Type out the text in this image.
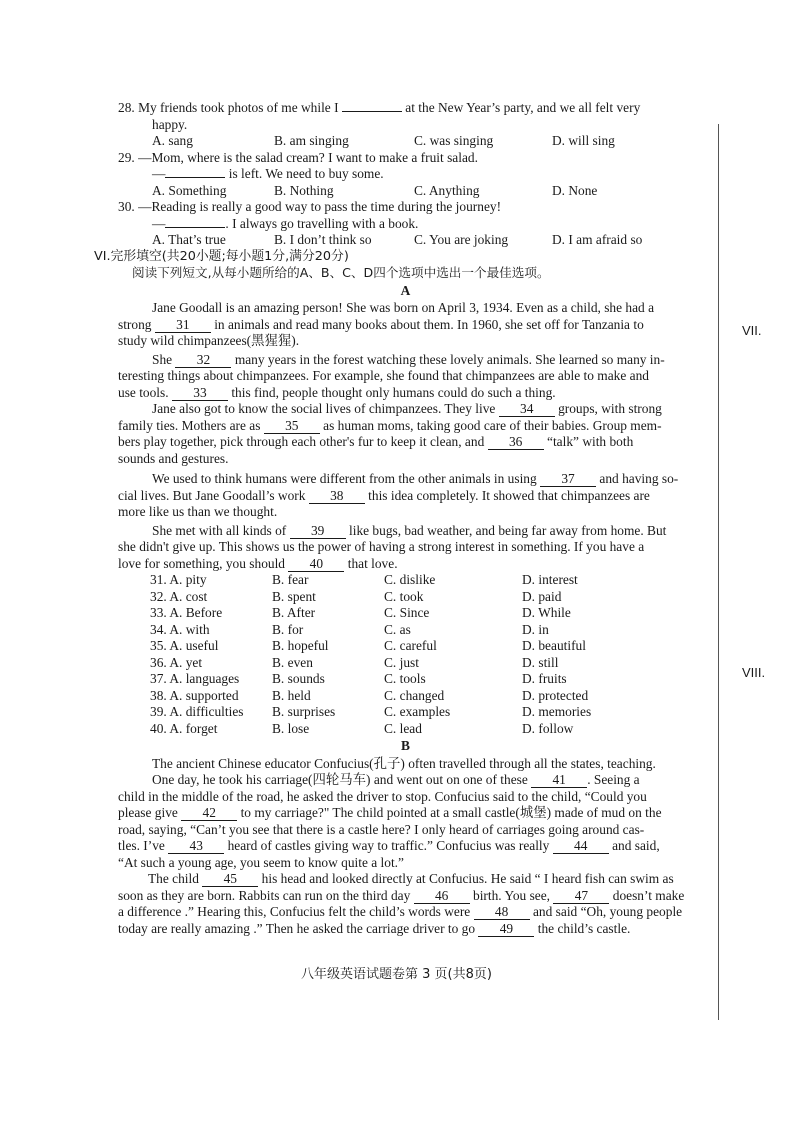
VII.
VIII.
28. My friends took photos of me while I	at the New Year’s party, and we all felt very
happy.
A. sang	B. am singing	C. was singing	D. will sing
29. —Mom, where is the salad cream? I want to make a fruit salad.
—	is left. We need to buy some.
A. Something	B. Nothing	C. Anything	D. None
30. —Reading is really a good way to pass the time during the journey!
—	. I always go travelling with a book.
A. That’s true	B. I don’t think so	C. You are joking	D. I am afraid so
VI.完形填空(共20小题;每小题1分,满分20分)
阅读下列短文,从每小题所给的A、B、C、D四个选项中选出一个最佳选项。
A
Jane Goodall is an amazing person! She was born on April 3, 1934. Even as a child, she had a
strong 31 in animals and read many books about them. In 1960, she set off for Tanzania to
study wild chimpanzees(黑猩猩).
She 32 many years in the forest watching these lovely animals. She learned so many in-
teresting things about chimpanzees. For example, she found that chimpanzees are able to make and
use tools. 33 this find, people thought only humans could do such a thing.
Jane also got to know the social lives of chimpanzees. They live 34 groups, with strong
family ties. Mothers are as 35 as human moms, taking good care of their babies. Group mem-
bers play together, pick through each other's fur to keep it clean, and 36 “talk” with both
sounds and gestures.
We used to think humans were different from the other animals in using 37 and having so-
cial lives. But Jane Goodall’s work 38 this idea completely. It showed that chimpanzees are
more like us than we thought.
She met with all kinds of 39 like bugs, bad weather, and being far away from home. But
she didn't give up. This shows us the power of having a strong interest in something. If you have a
love for something, you should 40 that love.
31. A. pity	B. fear	C. dislike	D. interest
32. A. cost	B. spent	C. took	D. paid
33. A. Before	B. After	C. Since	D. While
34. A. with	B. for	C. as	D. in
35. A. useful	B. hopeful	C. careful	D. beautiful
36. A. yet	B. even	C. just	D. still
37. A. languages	B. sounds	C. tools	D. fruits
38. A. supported	B. held	C. changed	D. protected
39. A. difficulties	B. surprises	C. examples	D. memories
40. A. forget	B. lose	C. lead	D. follow
B
The ancient Chinese educator Confucius(孔子) often travelled through all the states, teaching.
One day, he took his carriage(四轮马车) and went out on one of these 41 . Seeing a
child in the middle of the road, he asked the driver to stop. Confucius said to the child, “Could you
please give 42 to my carriage?" The child pointed at a small castle(城堡) made of mud on the
road, saying, “Can’t you see that there is a castle here? I only heard of carriages going around cas-
tles. I’ve 43 heard of castles giving way to traffic.” Confucius was really 44 and said,
“At such a young age, you seem to know quite a lot.”
The child 45 his head and looked directly at Confucius. He said “ I heard fish can swim as
soon as they are born. Rabbits can run on the third day 46 birth. You see, 47 doesn’t make
a difference .” Hearing this, Confucius felt the child’s words were 48 and said “Oh, young people
today are really amazing .” Then he asked the carriage driver to go 49 the child’s castle.
八年级英语试题卷第 3 页(共8页)
